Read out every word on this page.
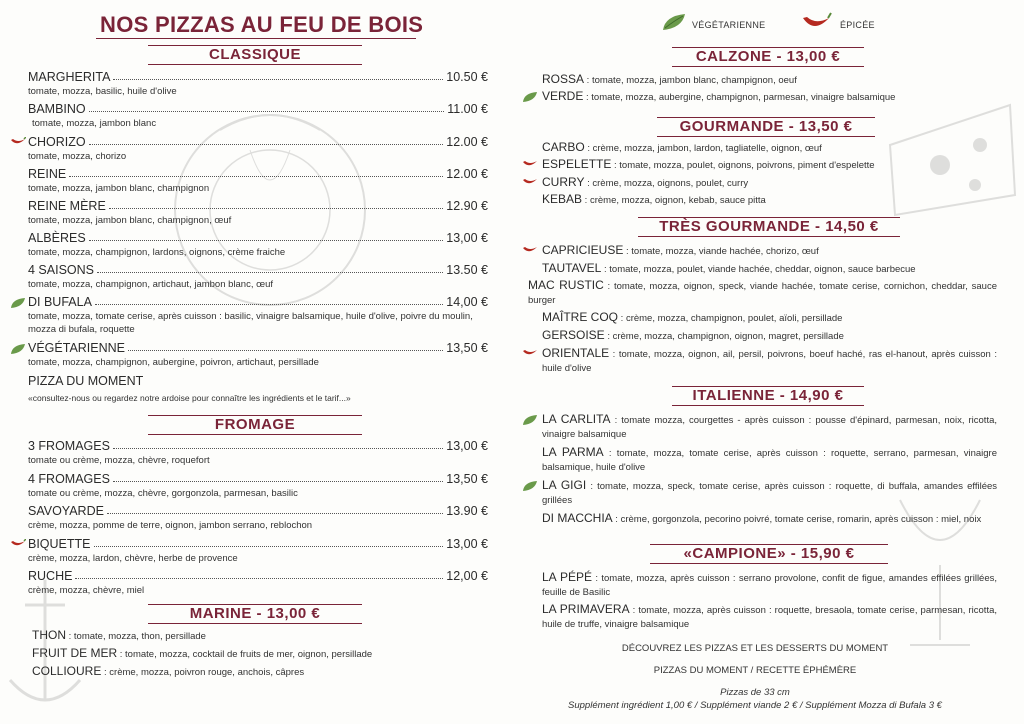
NOS PIZZAS AU FEU DE BOIS
CLASSIQUE
MARGHERITA	10.50 €
tomate, mozza, basilic, huile d'olive
BAMBINO	11.00 €
tomate, mozza, jambon blanc
CHORIZO	12.00 €
tomate, mozza, chorizo
REINE	12.00 €
tomate, mozza, jambon blanc, champignon
REINE MÈRE	12.90 €
tomate, mozza, jambon blanc, champignon, œuf
ALBÈRES	13,00 €
tomate, mozza, champignon, lardons, oignons, crème fraiche
4 SAISONS	13.50 €
tomate, mozza, champignon, artichaut, jambon blanc, œuf
DI BUFALA	14,00 €
tomate, mozza, tomate cerise, après cuisson : basilic, vinaigre balsamique, huile d'olive, poivre du moulin, mozza di bufala, roquette
VÉGÉTARIENNE	13,50 €
tomate, mozza, champignon, aubergine, poivron, artichaut, persillade
PIZZA DU MOMENT
«consultez-nous ou regardez notre ardoise pour connaître les ingrédients et le tarif...»
FROMAGE
3 FROMAGES	13,00 €
tomate ou crème, mozza, chèvre, roquefort
4 FROMAGES	13,50 €
tomate ou crème, mozza, chèvre, gorgonzola, parmesan, basilic
SAVOYARDE	13.90 €
crème, mozza, pomme de terre, oignon, jambon serrano, reblochon
BIQUETTE	13,00 €
crème, mozza, lardon, chèvre, herbe de provence
RUCHE	12,00 €
crème, mozza, chèvre, miel
MARINE - 13,00 €
THON : tomate, mozza, thon, persillade
FRUIT DE MER : tomate, mozza, cocktail de fruits de mer, oignon, persillade
COLLIOURE : crème, mozza, poivron rouge, anchois, câpres
VÉGÉTARIENNE	ÉPICÉE
CALZONE - 13,00 €
ROSSA : tomate, mozza, jambon blanc, champignon, oeuf
VERDE : tomate, mozza, aubergine, champignon, parmesan, vinaigre balsamique
GOURMANDE - 13,50 €
CARBO : crème, mozza, jambon, lardon, tagliatelle, oignon, œuf
ESPELETTE : tomate, mozza, poulet, oignons, poivrons, piment d'espelette
CURRY : crème, mozza, oignons, poulet, curry
KEBAB : crème, mozza, oignon, kebab, sauce pitta
TRÈS GOURMANDE - 14,50 €
CAPRICIEUSE : tomate, mozza, viande hachée, chorizo, œuf
TAUTAVEL : tomate, mozza, poulet, viande hachée, cheddar, oignon, sauce barbecue
MAC RUSTIC : tomate, mozza, oignon, speck, viande hachée, tomate cerise, cornichon, cheddar, sauce burger
MAÎTRE COQ : crème, mozza, champignon, poulet, aïoli, persillade
GERSOISE : crème, mozza, champignon, oignon, magret, persillade
ORIENTALE : tomate, mozza, oignon, ail, persil, poivrons, boeuf haché, ras el-hanout, après cuisson : huile d'olive
ITALIENNE - 14,90 €
LA CARLITA : tomate mozza, courgettes - après cuisson : pousse d'épinard, parmesan, noix, ricotta, vinaigre balsamique
LA PARMA : tomate, mozza, tomate cerise, après cuisson : roquette, serrano, parmesan, vinaigre balsamique, huile d'olive
LA GIGI : tomate, mozza, speck, tomate cerise, après cuisson : roquette, di buffala, amandes effilées grillées
DI MACCHIA : crème, gorgonzola, pecorino poivré, tomate cerise, romarin, après cuisson : miel, noix
«CAMPIONE» - 15,90 €
LA PÉPÉ : tomate, mozza, après cuisson : serrano provolone, confit de figue, amandes effilées grillées, feuille de Basilic
LA PRIMAVERA : tomate, mozza, après cuisson : roquette, bresaola, tomate cerise, parmesan, ricotta, huile de truffe, vinaigre balsamique
DÉCOUVREZ LES PIZZAS ET LES DESSERTS DU MOMENT
PIZZAS DU MOMENT / RECETTE ÉPHÉMÈRE
Pizzas de 33 cm
Supplément ingrédient 1,00 € / Supplément viande 2 € / Supplément Mozza di Bufala 3 €
